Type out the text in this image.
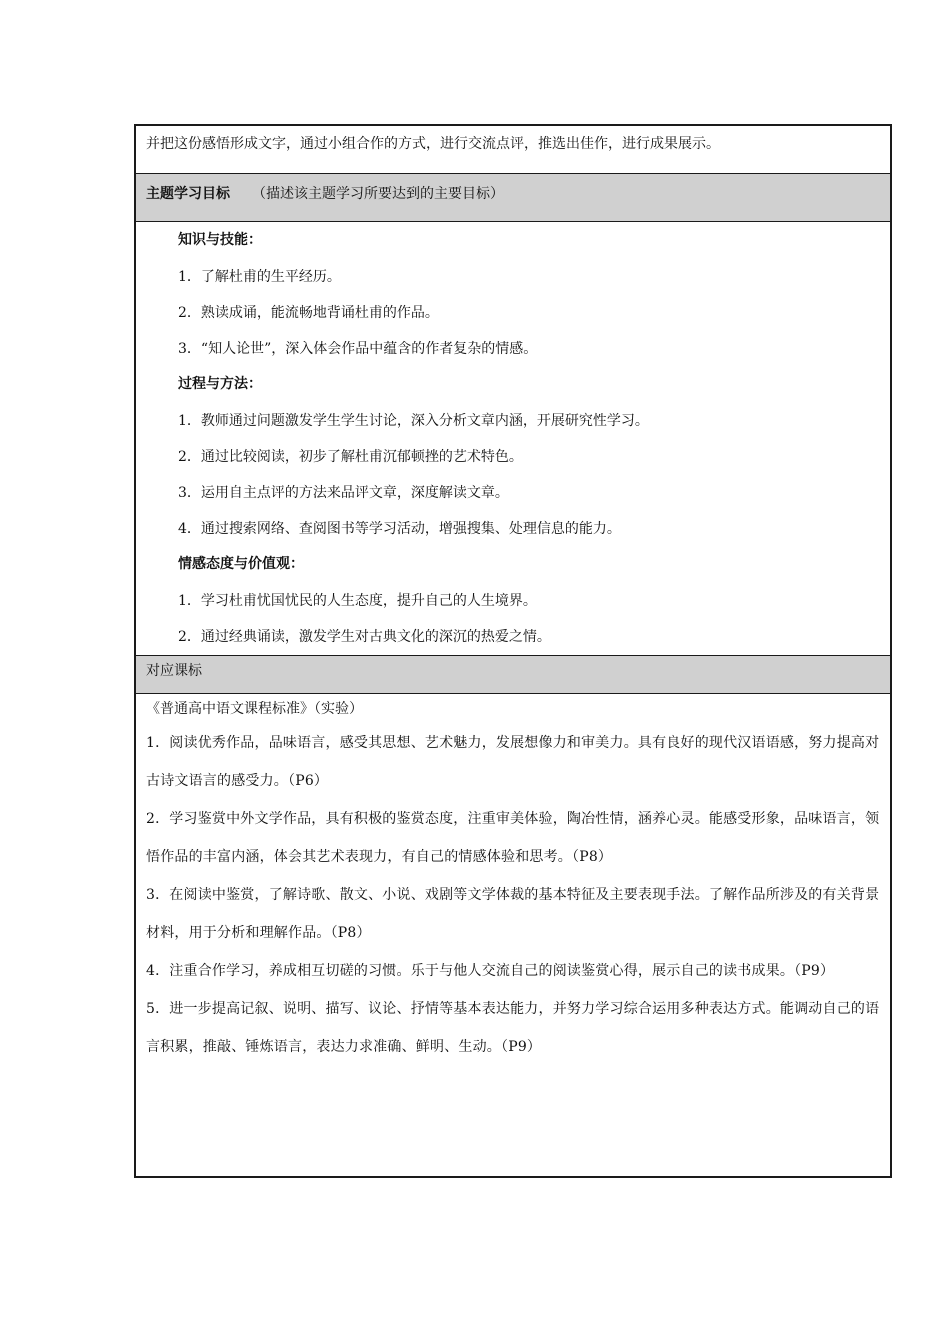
并把这份感悟形成文字，通过小组合作的方式，进行交流点评，推选出佳作，进行成果展示。
主题学习目标 （描述该主题学习所要达到的主要目标）
知识与技能：
1．了解杜甫的生平经历。
2．熟读成诵，能流畅地背诵杜甫的作品。
3．“知人论世”，深入体会作品中蕴含的作者复杂的情感。
过程与方法：
1．教师通过问题激发学生学生讨论，深入分析文章内涵，开展研究性学习。
2．通过比较阅读，初步了解杜甫沉郁顿挫的艺术特色。
3．运用自主点评的方法来品评文章，深度解读文章。
4．通过搜索网络、查阅图书等学习活动，增强搜集、处理信息的能力。
情感态度与价值观：
1．学习杜甫忧国忧民的人生态度，提升自己的人生境界。
2．通过经典诵读，激发学生对古典文化的深沉的热爱之情。
对应课标
《普通高中语文课程标准》（实验）

1．阅读优秀作品，品味语言，感受其思想、艺术魅力，发展想像力和审美力。具有良好的现代汉语语感，努力提高对古诗文语言的感受力。（P6）

2．学习鉴赏中外文学作品，具有积极的鉴赏态度，注重审美体验，陶冶性情，涵养心灵。能感受形象，品味语言，领悟作品的丰富内涵，体会其艺术表现力，有自己的情感体验和思考。（P8）

3．在阅读中鉴赏，了解诗歌、散文、小说、戏剧等文学体裁的基本特征及主要表现手法。了解作品所涉及的有关背景材料，用于分析和理解作品。（P8）

4．注重合作学习，养成相互切磋的习惯。乐于与他人交流自己的阅读鉴赏心得，展示自己的读书成果。（P9）

5．进一步提高记叙、说明、描写、议论、抒情等基本表达能力，并努力学习综合运用多种表达方式。能调动自己的语言积累，推敲、锤炼语言，表达力求准确、鲜明、生动。（P9）
